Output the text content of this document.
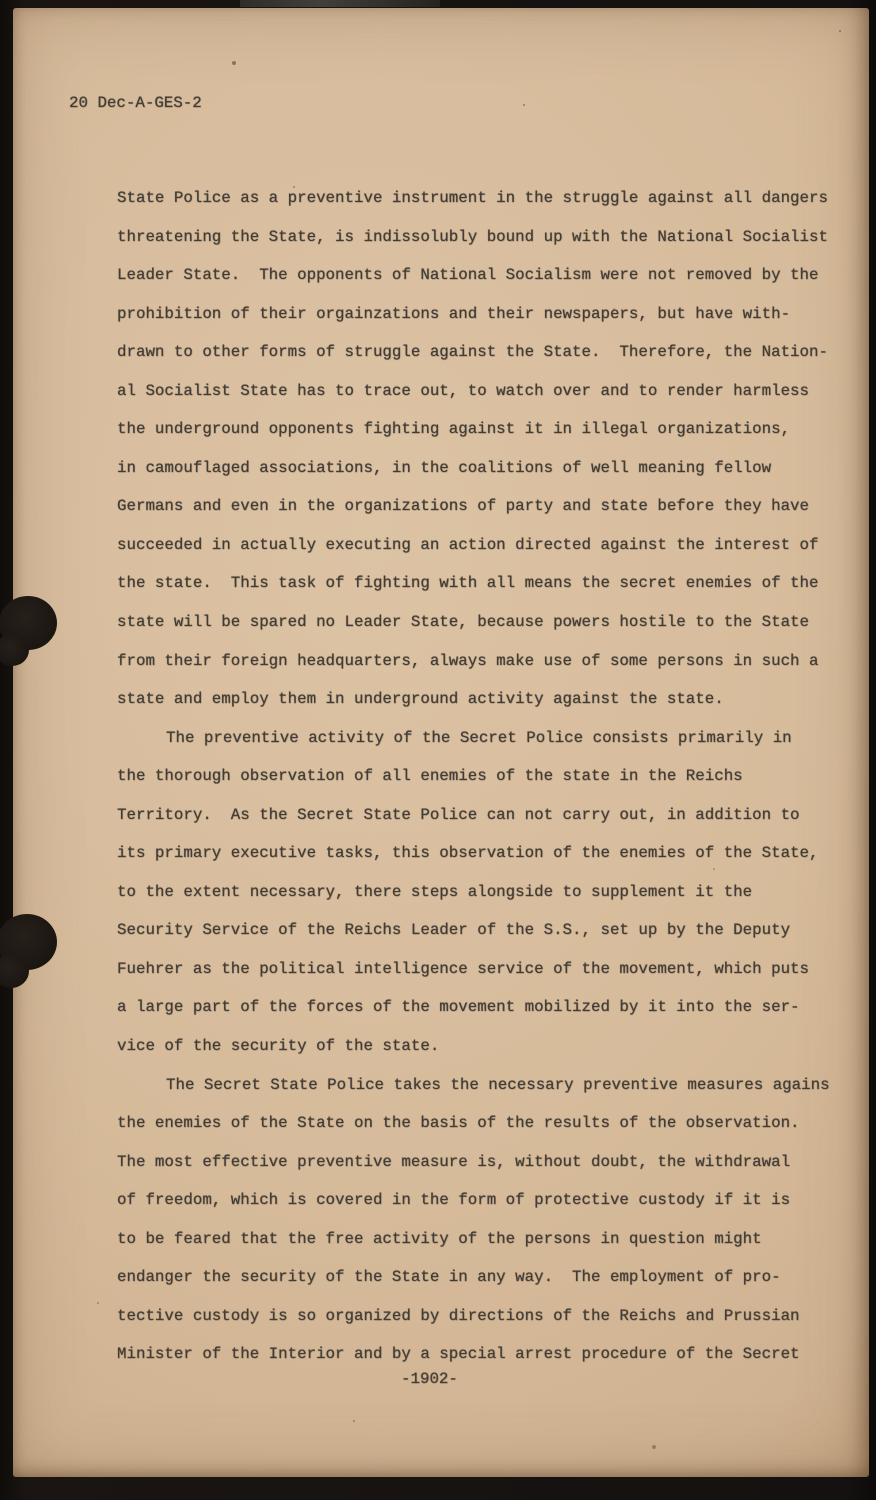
20 Dec-A-GES-2
State Police as a preventive instrument in the struggle against all dangers
threatening the State, is indissolubly bound up with the National Socialist
Leader State.  The opponents of National Socialism were not removed by the
prohibition of their orgainzations and their newspapers, but have with-
drawn to other forms of struggle against the State.  Therefore, the Nation-
al Socialist State has to trace out, to watch over and to render harmless
the underground opponents fighting against it in illegal organizations,
in camouflaged associations, in the coalitions of well meaning fellow
Germans and even in the organizations of party and state before they have
succeeded in actually executing an action directed against the interest of
the state.  This task of fighting with all means the secret enemies of the
state will be spared no Leader State, because powers hostile to the State
from their foreign headquarters, always make use of some persons in such a
state and employ them in underground activity against the state.
The preventive activity of the Secret Police consists primarily in
the thorough observation of all enemies of the state in the Reichs
Territory.  As the Secret State Police can not carry out, in addition to
its primary executive tasks, this observation of the enemies of the State,
to the extent necessary, there steps alongside to supplement it the
Security Service of the Reichs Leader of the S.S., set up by the Deputy
Fuehrer as the political intelligence service of the movement, which puts
a large part of the forces of the movement mobilized by it into the ser-
vice of the security of the state.
The Secret State Police takes the necessary preventive measures agains
the enemies of the State on the basis of the results of the observation.
The most effective preventive measure is, without doubt, the withdrawal
of freedom, which is covered in the form of protective custody if it is
to be feared that the free activity of the persons in question might
endanger the security of the State in any way.  The employment of pro-
tective custody is so organized by directions of the Reichs and Prussian
Minister of the Interior and by a special arrest procedure of the Secret
-1902-
